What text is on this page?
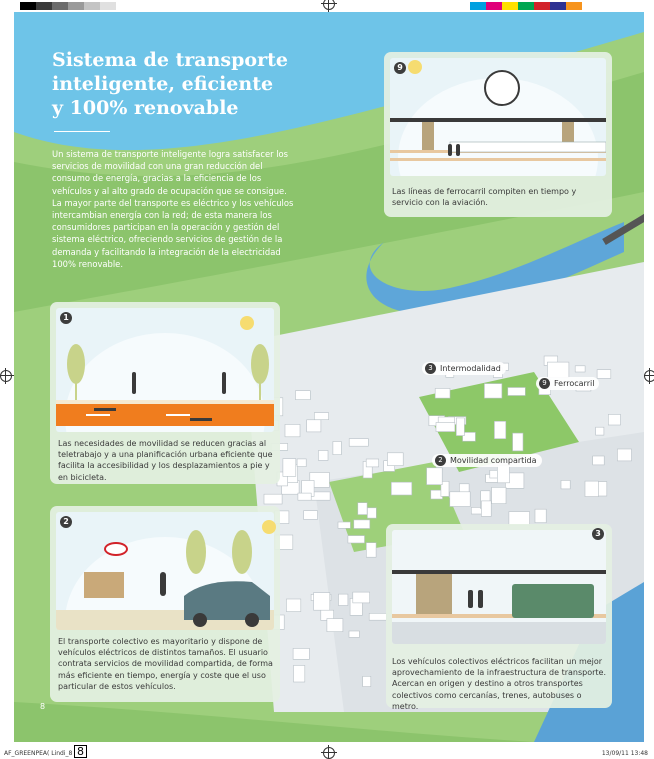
Sistema de transporte
inteligente, eficiente
y 100% renovable

Un sistema de transporte inteligente logra satisfacer los servicios de movilidad con una gran reducción del consumo de energía, gracias a la eficiencia de los vehículos y al alto grado de ocupación que se consigue. La mayor parte del transporte es eléctrico y los vehículos intercambian energía con la red; de esta manera los consumidores participan en la operación y gestión del sistema eléctrico, ofreciendo servicios de gestión de la demanda y facilitando la integración de la electricidad 100% renovable.

9
Las líneas de ferrocarril compiten en tiempo y servicio con la aviación.
1
Las necesidades de movilidad se reducen gracias al teletrabajo y a una planificación urbana eficiente que facilita la accesibilidad y los desplazamientos a pie y en bicicleta.
2
El transporte colectivo es mayoritario y dispone de vehículos eléctricos de distintos tamaños. El usuario contrata servicios de movilidad compartida, de forma más eficiente en tiempo, energía y coste que el uso particular de estos vehículos.
3
Los vehículos colectivos eléctricos facilitan un mejor aprovechamiento de la infraestructura de transporte. Acercan en origen y destino a otros transportes colectivos como cercanías, trenes, autobuses o metro.
3 Intermodalidad
9 Ferrocarril
2 Movilidad compartida
8
AF_GREENPEA( Lindi_8 8	13/09/11 13:48
